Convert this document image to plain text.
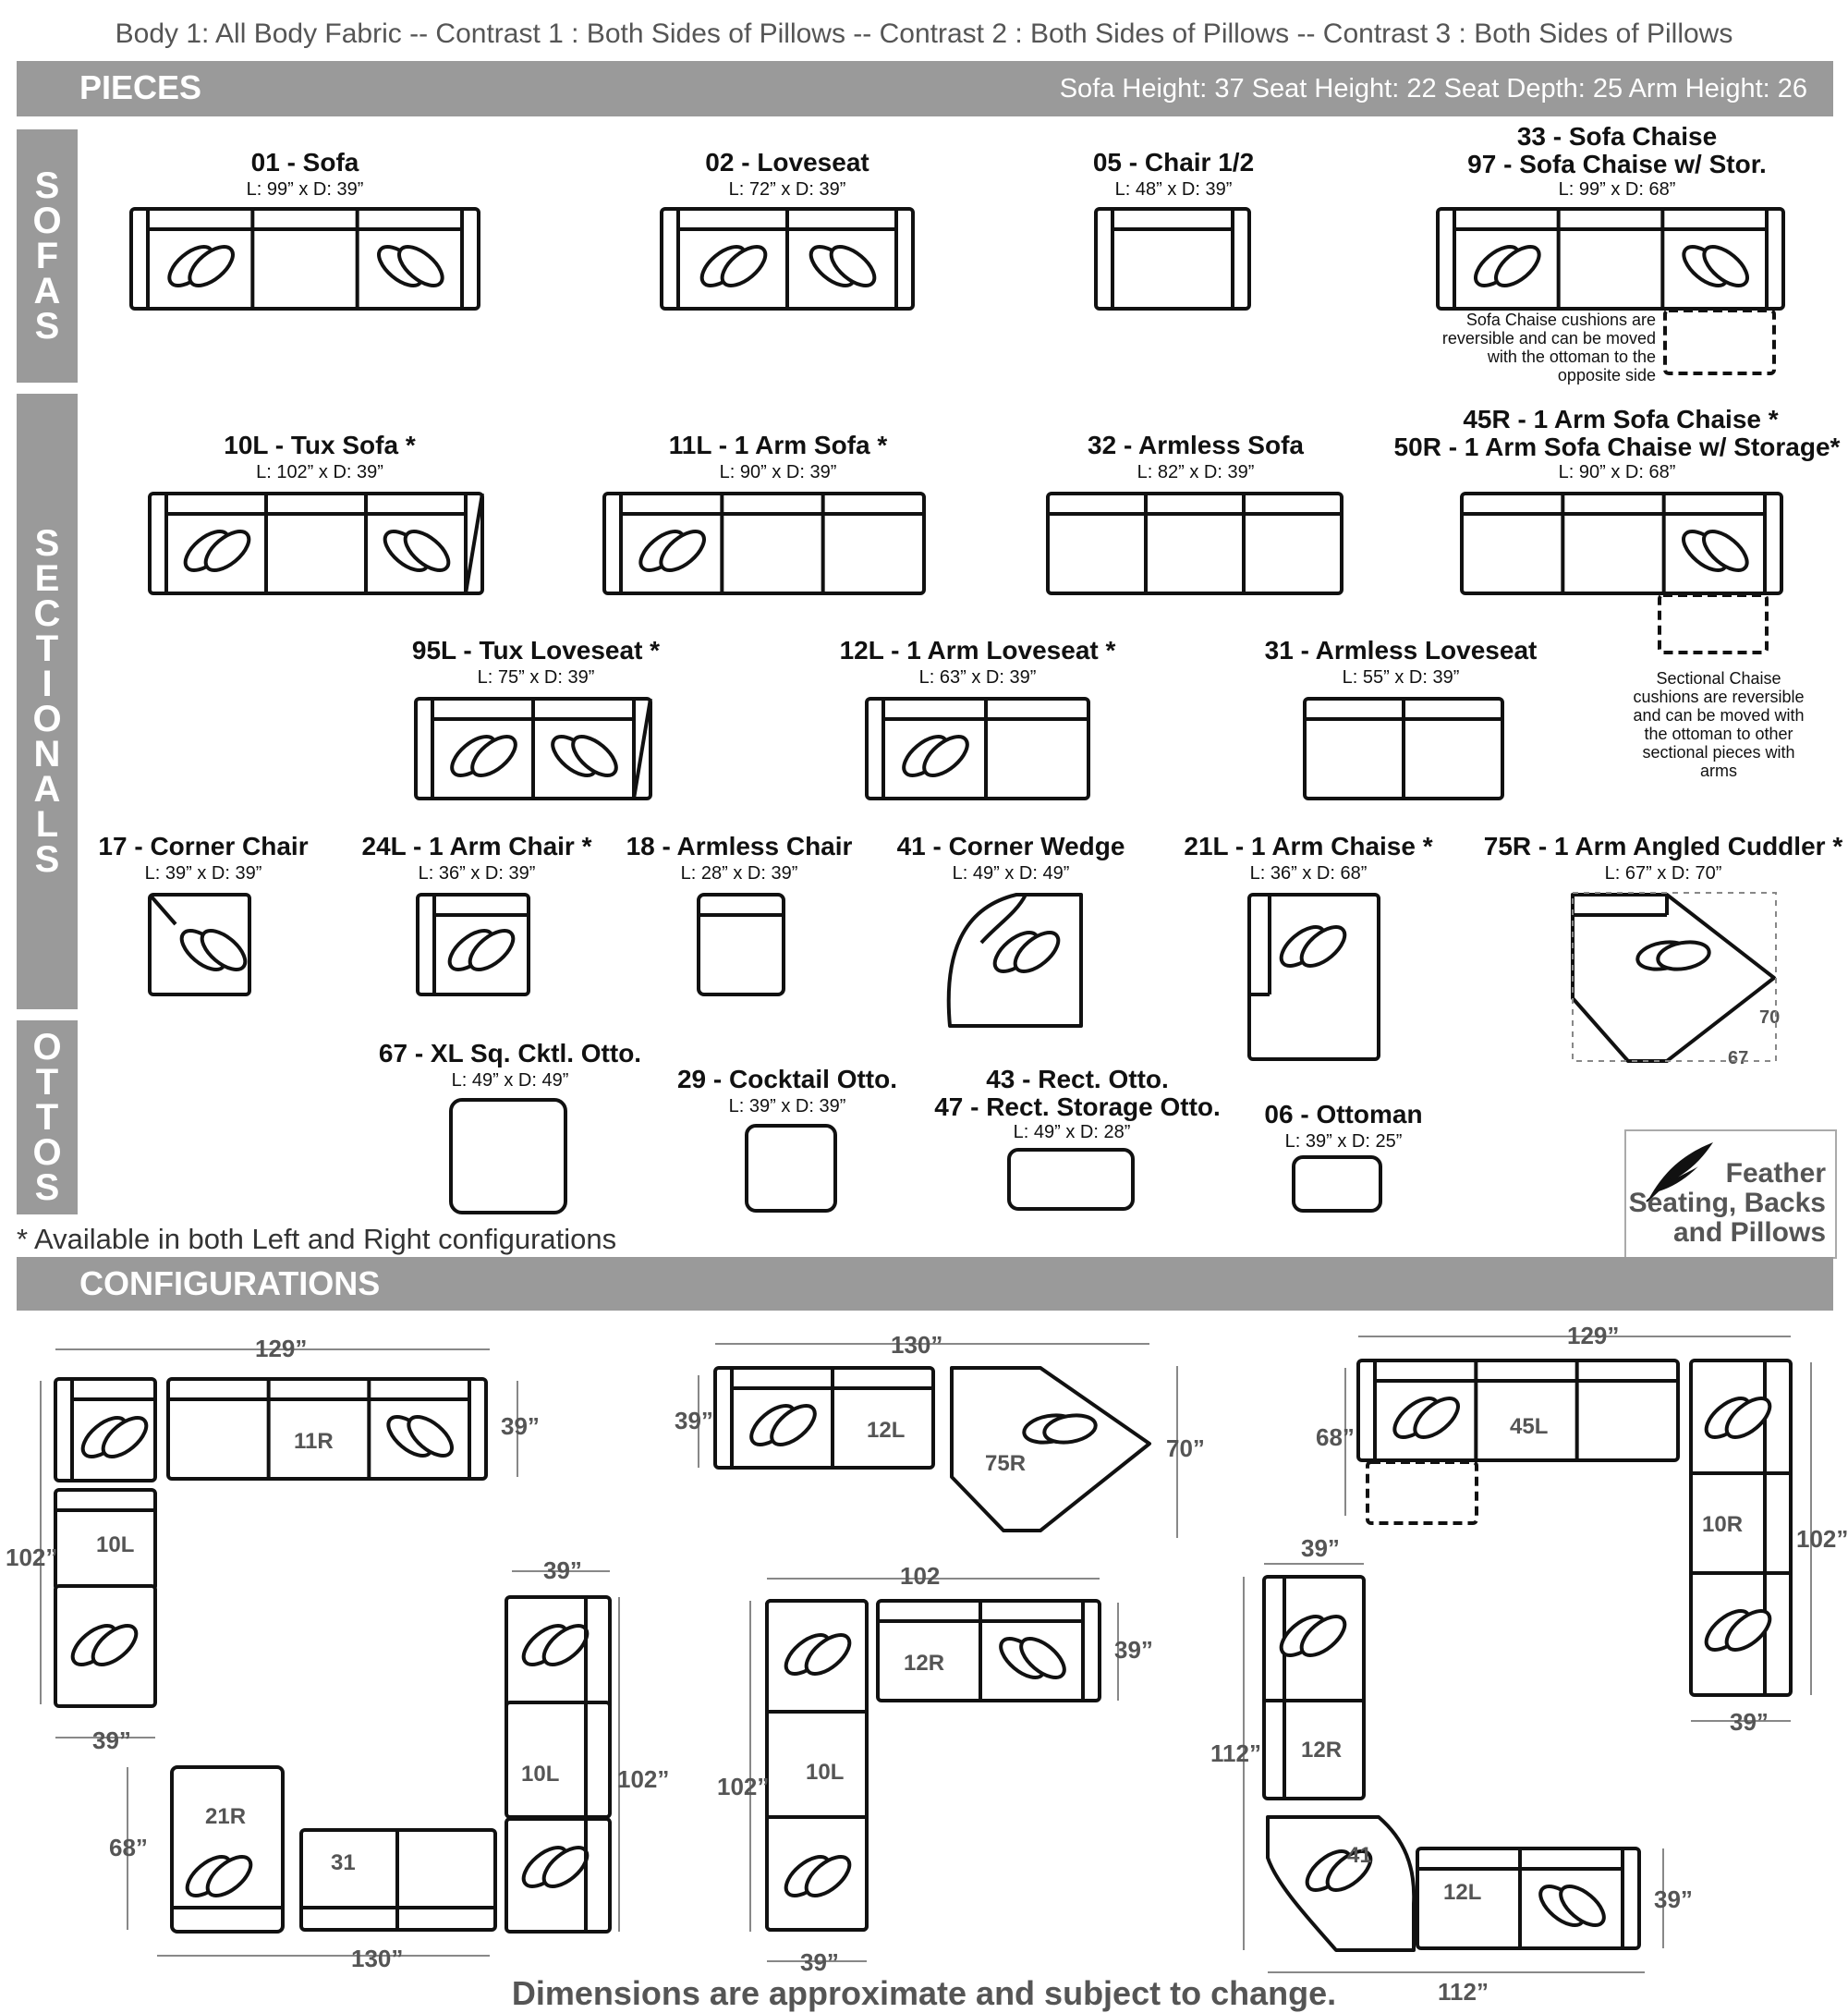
Body 1: All Body Fabric -- Contrast 1 : Both Sides of Pillows -- Contrast 2 : Both Sides of Pillows -- Contrast 3 : Both Sides of Pillows
PIECES	Sofa Height: 37 Seat Height: 22 Seat Depth: 25 Arm Height: 26
S
O
F
A
S
S
E
C
T
I
O
N
A
L
S
O
T
T
O
S
01 - Sofa
L: 99” x D: 39”
02 - Loveseat
L: 72” x D: 39”
05 - Chair 1/2
L: 48” x D: 39”
33 - Sofa Chaise
97 - Sofa Chaise w/ Stor.
L: 99” x D: 68”
10L - Tux Sofa *
L: 102” x D: 39”
11L - 1 Arm Sofa *
L: 90” x D: 39”
32 - Armless Sofa
L: 82” x D: 39”
45R - 1 Arm Sofa Chaise *
50R - 1 Arm Sofa Chaise w/ Storage*
L: 90” x D: 68”
95L - Tux Loveseat *
L: 75” x D: 39”
12L - 1 Arm Loveseat *
L: 63” x D: 39”
31 - Armless Loveseat
L: 55” x D: 39”
17 - Corner Chair
L: 39” x D: 39”
24L - 1 Arm Chair *
L: 36” x D: 39”
18 - Armless Chair
L: 28” x D: 39”
41 - Corner Wedge
L: 49” x D: 49”
21L - 1 Arm Chaise *
L: 36” x D: 68”
75R - 1 Arm Angled Cuddler *
L: 67” x D: 70”
67 - XL Sq. Cktl. Otto.
L: 49” x D: 49”	29 - Cocktail Otto.
L: 39” x D: 39”
43 - Rect. Otto.
47 - Rect. Storage Otto.
L: 49” x D: 28”
06 - Ottoman
L: 39” x D: 25”
Sofa Chaise cushions are
reversible and can be moved
with the ottoman to the
opposite side
Sectional Chaise
cushions are reversible
and can be moved with
the ottoman to other
sectional pieces with
arms
70
67
Feather
Seating, Backs
and Pillows
* Available in both Left and Right configurations
CONFIGURATIONS
11R
10L
21R
31
10L
12L
75R
12R
10L
45L
10R
12R
41
12L
129”
39”
102”
39”
39”
102”
68”
130”
130”
39”
70”
102
39”
102”
39”
129”
68”
39”	102”
39”
112”
39”
112”
Dimensions are approximate and subject to change.
